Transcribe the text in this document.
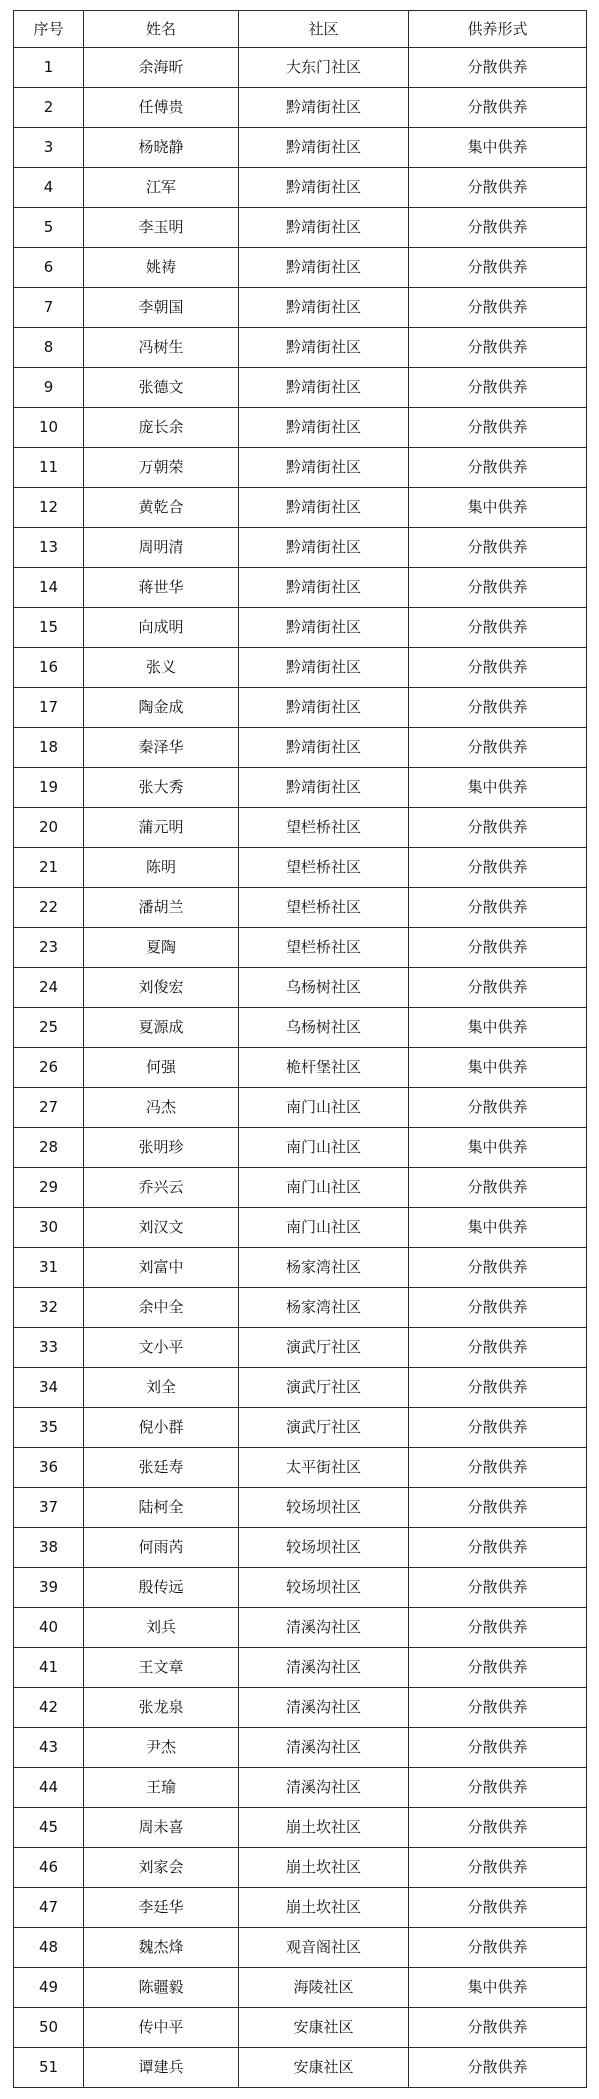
序号	姓名	社区	供养形式
1	余海昕	大东门社区	分散供养
2	任傅贵	黔靖街社区	分散供养
3	杨晓静	黔靖街社区	集中供养
4	江军	黔靖街社区	分散供养
5	李玉明	黔靖街社区	分散供养
6	姚祷	黔靖街社区	分散供养
7	李朝国	黔靖街社区	分散供养
8	冯树生	黔靖街社区	分散供养
9	张德文	黔靖街社区	分散供养
10	庞长余	黔靖街社区	分散供养
11	万朝荣	黔靖街社区	分散供养
12	黄乾合	黔靖街社区	集中供养
13	周明清	黔靖街社区	分散供养
14	蒋世华	黔靖街社区	分散供养
15	向成明	黔靖街社区	分散供养
16	张义	黔靖街社区	分散供养
17	陶金成	黔靖街社区	分散供养
18	秦泽华	黔靖街社区	分散供养
19	张大秀	黔靖街社区	集中供养
20	蒲元明	望栏桥社区	分散供养
21	陈明	望栏桥社区	分散供养
22	潘胡兰	望栏桥社区	分散供养
23	夏陶	望栏桥社区	分散供养
24	刘俊宏	乌杨树社区	分散供养
25	夏源成	乌杨树社区	集中供养
26	何强	桅杆堡社区	集中供养
27	冯杰	南门山社区	分散供养
28	张明珍	南门山社区	集中供养
29	乔兴云	南门山社区	分散供养
30	刘汉文	南门山社区	集中供养
31	刘富中	杨家湾社区	分散供养
32	余中全	杨家湾社区	分散供养
33	文小平	演武厅社区	分散供养
34	刘全	演武厅社区	分散供养
35	倪小群	演武厅社区	分散供养
36	张廷寿	太平街社区	分散供养
37	陆柯全	较场坝社区	分散供养
38	何雨芮	较场坝社区	分散供养
39	殷传远	较场坝社区	分散供养
40	刘兵	清溪沟社区	分散供养
41	王文章	清溪沟社区	分散供养
42	张龙泉	清溪沟社区	分散供养
43	尹杰	清溪沟社区	分散供养
44	王瑜	清溪沟社区	分散供养
45	周未喜	崩土坎社区	分散供养
46	刘家会	崩土坎社区	分散供养
47	李廷华	崩土坎社区	分散供养
48	魏杰烽	观音阁社区	分散供养
49	陈疆毅	海陵社区	集中供养
50	传中平	安康社区	分散供养
51	谭建兵	安康社区	分散供养
